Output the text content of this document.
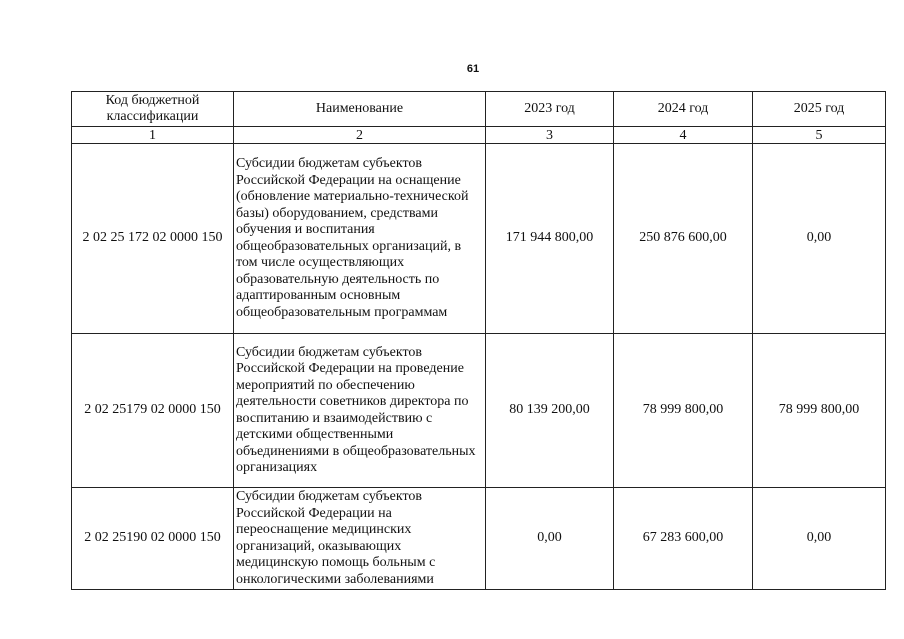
61
Код бюджетной классификации	Наименование	2023 год	2024 год	2025 год
1	2	3	4	5
2 02 25 172 02 0000 150	Субсидии бюджетам субъектов Российской Федерации на оснащение (обновление материально-технической базы) оборудованием, средствами обучения и воспитания общеобразовательных организаций, в том числе осуществляющих образовательную деятельность по адаптированным основным общеобразовательным программам	171 944 800,00	250 876 600,00	0,00
2 02 25179 02 0000 150	Субсидии бюджетам субъектов Российской Федерации на проведение мероприятий по обеспечению деятельности советников директора по воспитанию и взаимодействию с детскими общественными объединениями в общеобразовательных организациях	80 139 200,00	78 999 800,00	78 999 800,00
2 02 25190 02 0000 150	Субсидии бюджетам субъектов Российской Федерации на переоснащение медицинских организаций, оказывающих медицинскую помощь больным с онкологическими заболеваниями	0,00	67 283 600,00	0,00
